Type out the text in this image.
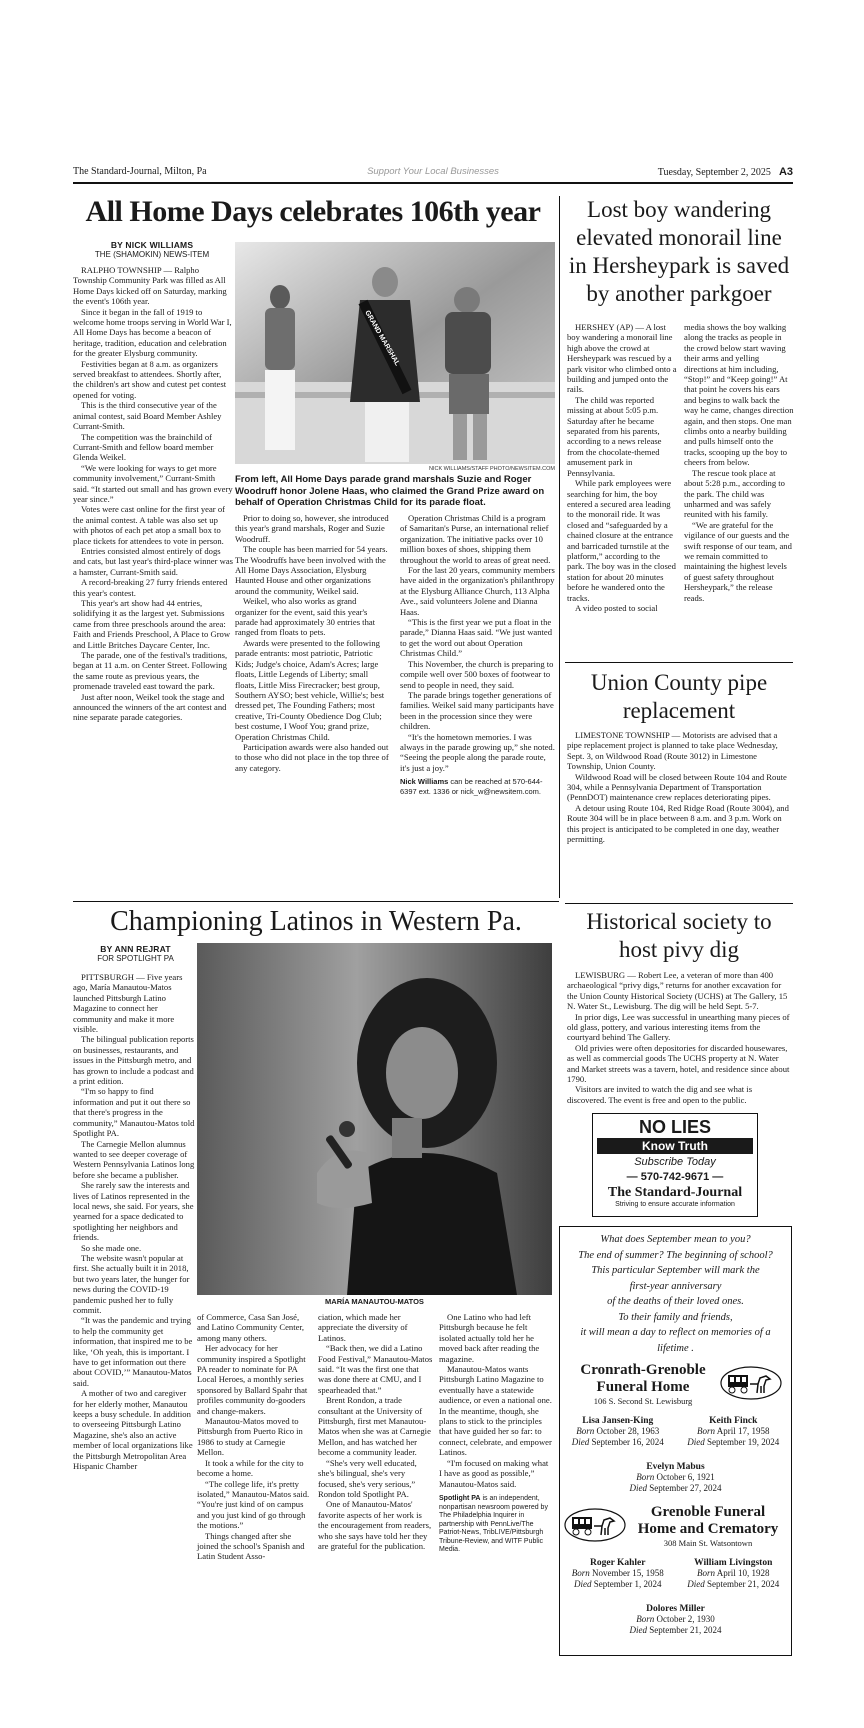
The Standard-Journal, Milton, Pa	Support Your Local Businesses	Tuesday, September 2, 2025 A3
All Home Days celebrates 106th year
BY NICK WILLIAMS
THE (SHAMOKIN) NEWS-ITEM

RALPHO TOWNSHIP — Ralpho Township Community Park was filled as All Home Days kicked off on Saturday, marking the event's 106th year.

Since it began in the fall of 1919 to welcome home troops serving in World War I, All Home Days has become a beacon of heritage, tradition, education and celebration for the greater Elysburg community.

Festivities began at 8 a.m. as organizers served breakfast to attendees. Shortly after, the children's art show and cutest pet contest opened for voting.

This is the third consecutive year of the animal contest, said Board Member Ashley Currant-Smith.

The competition was the brainchild of Currant-Smith and fellow board member Glenda Weikel.

“We were looking for ways to get more community involvement,” Currant-Smith said. “It started out small and has grown every year since.”

Votes were cast online for the first year of the animal contest. A table was also set up with photos of each pet atop a small box to place tickets for attendees to vote in person.

Entries consisted almost entirely of dogs and cats, but last year's third-place winner was a hamster, Currant-Smith said.

A record-breaking 27 furry friends entered this year's contest.

This year's art show had 44 entries, solidifying it as the largest yet. Submissions came from three preschools around the area: Faith and Friends Preschool, A Place to Grow and Little Britches Daycare Center, Inc.

The parade, one of the festival's traditions, began at 11 a.m. on Center Street. Following the same route as previous years, the promenade traveled east toward the park.

Just after noon, Weikel took the stage and announced the winners of the art contest and nine separate parade categories.

GRAND MARSHAL
NICK WILLIAMS/STAFF PHOTO/NEWSITEM.COM
From left, All Home Days parade grand marshals Suzie and Roger Woodruff honor Jolene Haas, who claimed the Grand Prize award on behalf of Operation Christmas Child for its parade float.

Prior to doing so, however, she introduced this year's grand marshals, Roger and Suzie Woodruff.

The couple has been married for 54 years. The Woodruffs have been involved with the All Home Days Association, Elysburg Haunted House and other organizations around the community, Weikel said.

Weikel, who also works as grand organizer for the event, said this year's parade had approximately 30 entries that ranged from floats to pets.

Awards were presented to the following parade entrants: most patriotic, Patriotic Kids; Judge's choice, Adam's Acres; large floats, Little Legends of Liberty; small floats, Little Miss Firecracker; best group, Southern AYSO; best vehicle, Willie's; best dressed pet, The Founding Fathers; most creative, Tri-County Obedience Dog Club; best costume, I Woof You; grand prize, Operation Christmas Child.

Participation awards were also handed out to those who did not place in the top three of any category.

Operation Christmas Child is a program of Samaritan's Purse, an international relief organization. The initiative packs over 10 million boxes of shoes, shipping them throughout the world to areas of great need.

For the last 20 years, community members have aided in the organization's philanthropy at the Elysburg Alliance Church, 113 Alpha Ave., said volunteers Jolene and Dianna Haas.

“This is the first year we put a float in the parade,” Dianna Haas said. “We just wanted to get the word out about Operation Christmas Child.”

This November, the church is preparing to compile well over 500 boxes of footwear to send to people in need, they said.

The parade brings together generations of families. Weikel said many participants have been in the procession since they were children.

“It's the hometown memories. I was always in the parade growing up,” she noted. “Seeing the people along the parade route, it's just a joy.”

Nick Williams can be reached at 570-644-6397 ext. 1336 or nick_w@newsitem.com.

Lost boy wandering elevated monorail line in Hersheypark is saved by another parkgoer

HERSHEY (AP) — A lost boy wandering a monorail line high above the crowd at Hersheypark was rescued by a park visitor who climbed onto a building and jumped onto the rails.

The child was reported missing at about 5:05 p.m. Saturday after he became separated from his parents, according to a news release from the chocolate-themed amusement park in Pennsylvania.

While park employees were searching for him, the boy entered a secured area leading to the monorail ride. It was closed and “safeguarded by a chained closure at the entrance and barricaded turnstile at the platform,” according to the park. The boy was in the closed station for about 20 minutes before he wandered onto the tracks.

A video posted to social

media shows the boy walking along the tracks as people in the crowd below start waving their arms and yelling directions at him including, “Stop!” and “Keep going!” At that point he covers his ears and begins to walk back the way he came, changes direction again, and then stops. One man climbs onto a nearby building and pulls himself onto the tracks, scooping up the boy to cheers from below.

The rescue took place at about 5:28 p.m., according to the park. The child was unharmed and was safely reunited with his family.

“We are grateful for the vigilance of our guests and the swift response of our team, and we remain committed to maintaining the highest levels of guest safety throughout Hersheypark,” the release reads.

Union County pipe replacement

LIMESTONE TOWNSHIP — Motorists are advised that a pipe replacement project is planned to take place Wednesday, Sept. 3, on Wildwood Road (Route 3012) in Limestone Township, Union County.

Wildwood Road will be closed between Route 104 and Route 304, while a Pennsylvania Department of Transportation (PennDOT) maintenance crew replaces deteriorating pipes.

A detour using Route 104, Red Ridge Road (Route 3004), and Route 304 will be in place between 8 a.m. and 3 p.m. Work on this project is anticipated to be completed in one day, weather permitting.

Historical society to host pivy dig

LEWISBURG — Robert Lee, a veteran of more than 400 archaeological “privy digs,” returns for another excavation for the Union County Historical Society (UCHS) at The Gallery, 15 N. Water St., Lewisburg. The dig will be held Sept. 5-7.

In prior digs, Lee was successful in unearthing many pieces of old glass, pottery, and various interesting items from the courtyard behind The Gallery.

Old privies were often depositories for discarded housewares, as well as commercial goods The UCHS property at N. Water and Market streets was a tavern, hotel, and residence since about 1790.

Visitors are invited to watch the dig and see what is discovered. The event is free and open to the public.

NO LIES
Know Truth
Subscribe Today
— 570-742-9671 —
The Standard-Journal
Striving to ensure accurate information
What does September mean to you?
The end of summer? The beginning of school?
This particular September will mark the
first-year anniversary
of the deaths of their loved ones.
To their family and friends,
it will mean a day to reflect on memories of a
lifetime .
Cronrath-Grenoble
Funeral Home
106 S. Second St. Lewisburg
Lisa Jansen-King
Born October 28, 1963
Died September 16, 2024
Keith Finck
Born April 17, 1958
Died September 19, 2024
Evelyn Mabus
Born October 6, 1921
Died September 27, 2024
Grenoble Funeral
Home and Crematory
308 Main St. Watsontown
Roger Kahler
Born November 15, 1958
Died September 1, 2024
William Livingston
Born April 10, 1928
Died September 21, 2024
Dolores Miller
Born October 2, 1930
Died September 21, 2024
Championing Latinos in Western Pa.
BY ANN REJRAT
FOR SPOTLIGHT PA

PITTSBURGH — Five years ago, María Manautou-Matos launched Pittsburgh Latino Magazine to connect her community and make it more visible.

The bilingual publication reports on businesses, restaurants, and issues in the Pittsburgh metro, and has grown to include a podcast and a print edition.

“I'm so happy to find information and put it out there so that there's progress in the community,” Manautou-Matos told Spotlight PA.

The Carnegie Mellon alumnus wanted to see deeper coverage of Western Pennsylvania Latinos long before she became a publisher.

She rarely saw the interests and lives of Latinos represented in the local news, she said. For years, she yearned for a space dedicated to spotlighting her neighbors and friends.

So she made one.

The website wasn't popular at first. She actually built it in 2018, but two years later, the hunger for news during the COVID-19 pandemic pushed her to fully commit.

“It was the pandemic and trying to help the community get information, that inspired me to be like, ‘Oh yeah, this is important. I have to get information out there about COVID,’” Manautou-Matos said.

A mother of two and caregiver for her elderly mother, Manautou keeps a busy schedule. In addition to overseeing Pittsburgh Latino Magazine, she's also an active member of local organizations like the Pittsburgh Metropolitan Area Hispanic Chamber

MARÍA MANAUTOU-MATOS

of Commerce, Casa San José, and Latino Community Center, among many others.

Her advocacy for her community inspired a Spotlight PA reader to nominate for PA Local Heroes, a monthly series sponsored by Ballard Spahr that profiles community do-gooders and change-makers.

Manautou-Matos moved to Pittsburgh from Puerto Rico in 1986 to study at Carnegie Mellon.

It took a while for the city to become a home.

“The college life, it's pretty isolated,” Manautou-Matos said. “You're just kind of on campus and you just kind of go through the motions.”

Things changed after she joined the school's Spanish and Latin Student Asso-

ciation, which made her appreciate the diversity of Latinos.

“Back then, we did a Latino Food Festival,” Manautou-Matos said. “It was the first one that was done there at CMU, and I spearheaded that.”

Brent Rondon, a trade consultant at the University of Pittsburgh, first met Manautou-Matos when she was at Carnegie Mellon, and has watched her become a community leader.

“She's very well educated, she's bilingual, she's very focused, she's very serious,” Rondon told Spotlight PA.

One of Manautou-Matos' favorite aspects of her work is the encouragement from readers, who she says have told her they are grateful for the publication.

One Latino who had left Pittsburgh because he felt isolated actually told her he moved back after reading the magazine.

Manautou-Matos wants Pittsburgh Latino Magazine to eventually have a statewide audience, or even a national one. In the meantime, though, she plans to stick to the principles that have guided her so far: to connect, celebrate, and empower Latinos.

“I'm focused on making what I have as good as possible,” Manautou-Matos said.

Spotlight PA is an independent, nonpartisan newsroom powered by The Philadelphia Inquirer in partnership with PennLive/The Patriot-News, TribLIVE/Pittsburgh Tribune-Review, and WITF Public Media.
